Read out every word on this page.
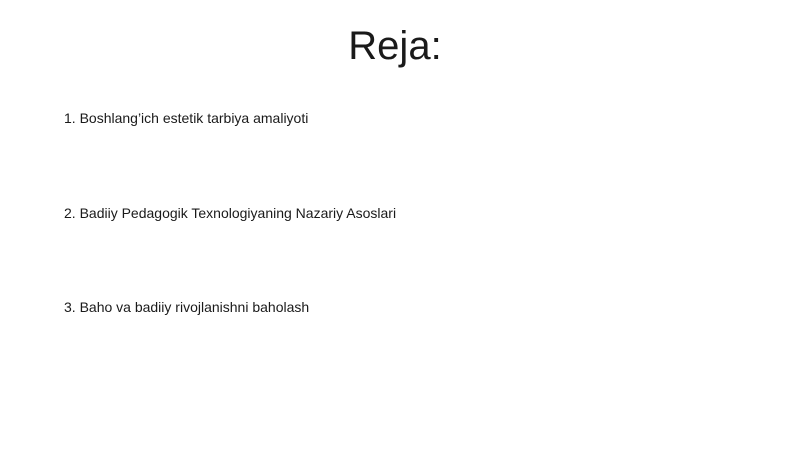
Reja:
1. Boshlang’ich estetik tarbiya amaliyoti
2. Badiiy Pedagogik Texnologiyaning Nazariy Asoslari
3. Baho va badiiy rivojlanishni baholash
